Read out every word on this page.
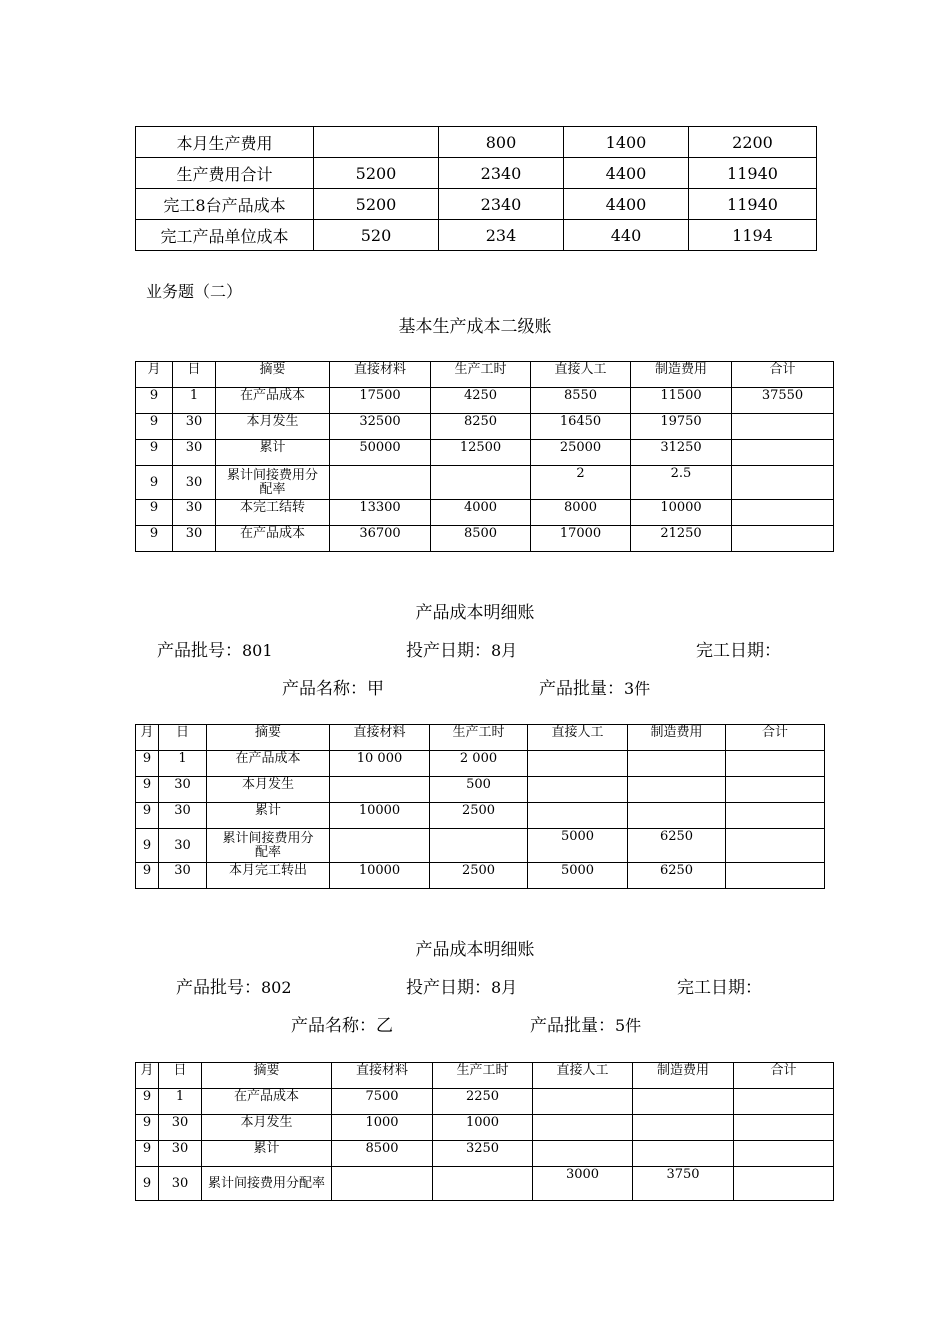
本月生产费用		800	1400	2200
生产费用合计	5200	2340	4400	11940
完工8台产品成本	5200	2340	4400	11940
完工产品单位成本	520	234	440	1194
业务题（二）
基本生产成本二级账
月	日	摘要	直接材料	生产工时	直接人工	制造费用	合计
9	1	在产品成本	17500	4250	8550	11500	37550
9	30	本月发生	32500	8250	16450	19750	
9	30	累计	50000	12500	25000	31250	
9	30	累计间接费用分配率			2	2.5	
9	30	本完工结转	13300	4000	8000	10000	
9	30	在产品成本	36700	8500	17000	21250	
产品成本明细账
产品批号：801	投产日期：8月	完工日期：
产品名称：甲	产品批量：3件
月	日	摘要	直接材料	生产工时	直接人工	制造费用	合计
9	1	在产品成本	10 000	2 000			
9	30	本月发生		500			
9	30	累计	10000	2500			
9	30	累计间接费用分配率			5000	6250	
9	30	本月完工转出	10000	2500	5000	6250	
产品成本明细账
产品批号：802	投产日期：8月	完工日期：
产品名称：乙	产品批量：5件
月	日	摘要	直接材料	生产工时	直接人工	制造费用	合计
9	1	在产品成本	7500	2250			
9	30	本月发生	1000	1000			
9	30	累计	8500	3250			
9	30	累计间接费用分配率			3000	3750	
